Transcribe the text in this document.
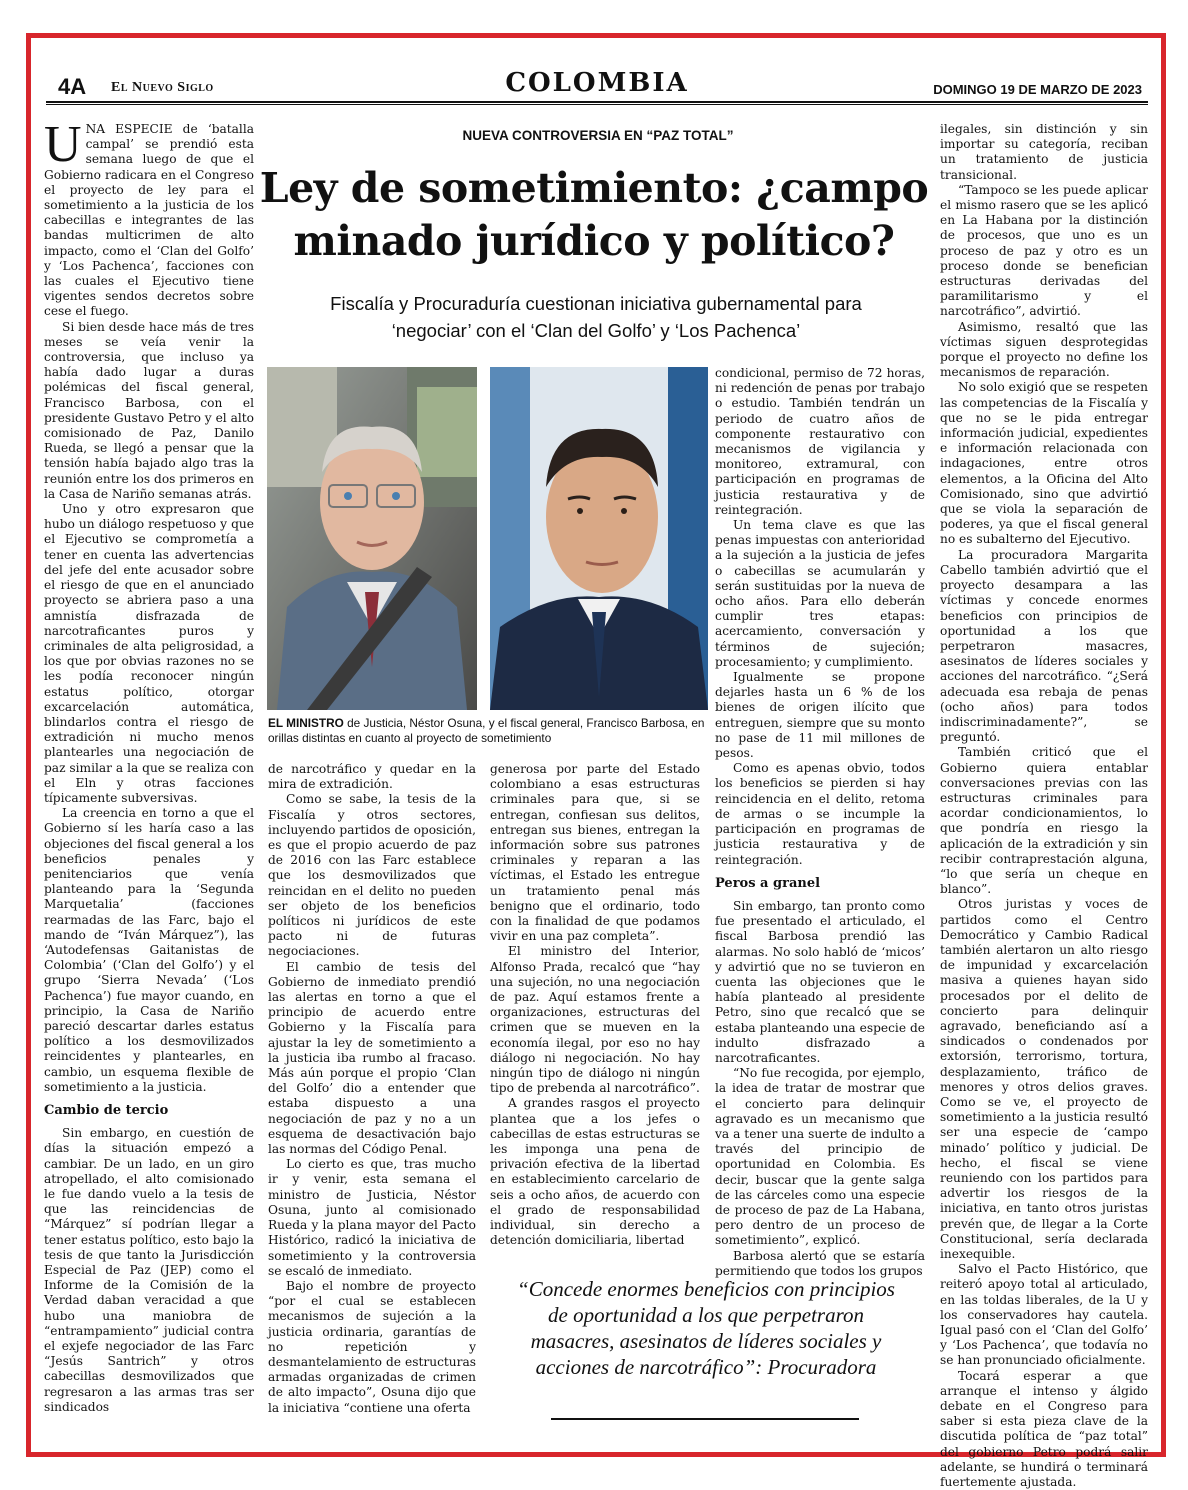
4A El Nuevo Siglo	COLOMBIA	DOMINGO 19 DE MARZO DE 2023

UNA ESPECIE de ‘batalla campal’ se prendió esta semana luego de que el Gobierno radicara en el Congreso el proyecto de ley para el sometimiento a la justicia de los cabecillas e integrantes de las bandas multicrimen de alto impacto, como el ‘Clan del Golfo’ y ‘Los Pachenca’, facciones con las cuales el Ejecutivo tiene vigentes sendos decretos sobre cese el fuego.

Si bien desde hace más de tres meses se veía venir la controversia, que incluso ya había dado lugar a duras polémicas del fiscal general, Francisco Barbosa, con el presidente Gustavo Petro y el alto comisionado de Paz, Danilo Rueda, se llegó a pensar que la tensión había bajado algo tras la reunión entre los dos primeros en la Casa de Nariño semanas atrás.

Uno y otro expresaron que hubo un diálogo respetuoso y que el Ejecutivo se comprometía a tener en cuenta las advertencias del jefe del ente acusador sobre el riesgo de que en el anunciado proyecto se abriera paso a una amnistía disfrazada de narcotraficantes puros y criminales de alta peligrosidad, a los que por obvias razones no se les podía reconocer ningún estatus político, otorgar excarcelación automática, blindarlos contra el riesgo de extradición ni mucho menos plantearles una negociación de paz similar a la que se realiza con el Eln y otras facciones típicamente subversivas.

La creencia en torno a que el Gobierno sí les haría caso a las objeciones del fiscal general a los beneficios penales y penitenciarios que venía planteando para la ‘Segunda Marquetalia’ (facciones rearmadas de las Farc, bajo el mando de “Iván Márquez”), las ‘Autodefensas Gaitanistas de Colombia’ (‘Clan del Golfo’) y el grupo ‘Sierra Nevada’ (‘Los Pachenca’) fue mayor cuando, en principio, la Casa de Nariño pareció descartar darles estatus político a los desmovilizados reincidentes y plantearles, en cambio, un esquema flexible de sometimiento a la justicia.

Cambio de tercio

Sin embargo, en cuestión de días la situación empezó a cambiar. De un lado, en un giro atropellado, el alto comisionado le fue dando vuelo a la tesis de que las reincidencias de “Márquez” sí podrían llegar a tener estatus político, esto bajo la tesis de que tanto la Jurisdicción Especial de Paz (JEP) como el Informe de la Comisión de la Verdad daban veracidad a que hubo una maniobra de “entrampamiento” judicial contra el exjefe negociador de las Farc “Jesús Santrich” y otros cabecillas desmovilizados que regresaron a las armas tras ser sindicados

NUEVA CONTROVERSIA EN “PAZ TOTAL”
Ley de sometimiento: ¿campo
minado jurídico y político?
Fiscalía y Procuraduría cuestionan iniciativa gubernamental para
‘negociar’ con el ‘Clan del Golfo’ y ‘Los Pachenca’
EL MINISTRO de Justicia, Néstor Osuna, y el fiscal general, Francisco Barbosa, en orillas distintas en cuanto al proyecto de sometimiento

de narcotráfico y quedar en la mira de extradición.

Como se sabe, la tesis de la Fiscalía y otros sectores, incluyendo partidos de oposición, es que el propio acuerdo de paz de 2016 con las Farc establece que los desmovilizados que reincidan en el delito no pueden ser objeto de los beneficios políticos ni jurídicos de este pacto ni de futuras negociaciones.

El cambio de tesis del Gobierno de inmediato prendió las alertas en torno a que el principio de acuerdo entre Gobierno y la Fiscalía para ajustar la ley de sometimiento a la justicia iba rumbo al fracaso. Más aún porque el propio ‘Clan del Golfo’ dio a entender que estaba dispuesto a una negociación de paz y no a un esquema de desactivación bajo las normas del Código Penal.

Lo cierto es que, tras mucho ir y venir, esta semana el ministro de Justicia, Néstor Osuna, junto al comisionado Rueda y la plana mayor del Pacto Histórico, radicó la iniciativa de sometimiento y la controversia se escaló de inmediato.

Bajo el nombre de proyecto “por el cual se establecen mecanismos de sujeción a la justicia ordinaria, garantías de no repetición y desmantelamiento de estructuras armadas organizadas de crimen de alto impacto”, Osuna dijo que la iniciativa “contiene una oferta

generosa por parte del Estado colombiano a esas estructuras criminales para que, si se entregan, confiesan sus delitos, entregan sus bienes, entregan la información sobre sus patrones criminales y reparan a las víctimas, el Estado les entregue un tratamiento penal más benigno que el ordinario, todo con la finalidad de que podamos vivir en una paz completa”.

El ministro del Interior, Alfonso Prada, recalcó que “hay una sujeción, no una negociación de paz. Aquí estamos frente a organizaciones, estructuras del crimen que se mueven en la economía ilegal, por eso no hay diálogo ni negociación. No hay ningún tipo de diálogo ni ningún tipo de prebenda al narcotráfico”.

A grandes rasgos el proyecto plantea que a los jefes o cabecillas de estas estructuras se les imponga una pena de privación efectiva de la libertad en establecimiento carcelario de seis a ocho años, de acuerdo con el grado de responsabilidad individual, sin derecho a detención domiciliaria, libertad

condicional, permiso de 72 horas, ni redención de penas por trabajo o estudio. También tendrán un periodo de cuatro años de componente restaurativo con mecanismos de vigilancia y monitoreo, extramural, con participación en programas de justicia restaurativa y de reintegración.

Un tema clave es que las penas impuestas con anterioridad a la sujeción a la justicia de jefes o cabecillas se acumularán y serán sustituidas por la nueva de ocho años. Para ello deberán cumplir tres etapas: acercamiento, conversación y términos de sujeción; procesamiento; y cumplimiento.

Igualmente se propone dejarles hasta un 6 % de los bienes de origen ilícito que entreguen, siempre que su monto no pase de 11 mil millones de pesos.

Como es apenas obvio, todos los beneficios se pierden si hay reincidencia en el delito, retoma de armas o se incumple la participación en programas de justicia restaurativa y de reintegración.

Peros a granel

Sin embargo, tan pronto como fue presentado el articulado, el fiscal Barbosa prendió las alarmas. No solo habló de ‘micos’ y advirtió que no se tuvieron en cuenta las objeciones que le había planteado al presidente Petro, sino que recalcó que se estaba planteando una especie de indulto disfrazado a narcotraficantes.

“No fue recogida, por ejemplo, la idea de tratar de mostrar que el concierto para delinquir agravado es un mecanismo que va a tener una suerte de indulto a través del principio de oportunidad en Colombia. Es decir, buscar que la gente salga de las cárceles como una especie de proceso de paz de La Habana, pero dentro de un proceso de sometimiento”, explicó.

Barbosa alertó que se estaría permitiendo que todos los grupos

ilegales, sin distinción y sin importar su categoría, reciban un tratamiento de justicia transicional.

“Tampoco se les puede aplicar el mismo rasero que se les aplicó en La Habana por la distinción de procesos, que uno es un proceso de paz y otro es un proceso donde se benefician estructuras derivadas del paramilitarismo y el narcotráfico”, advirtió.

Asimismo, resaltó que las víctimas siguen desprotegidas porque el proyecto no define los mecanismos de reparación.

No solo exigió que se respeten las competencias de la Fiscalía y que no se le pida entregar información judicial, expedientes e información relacionada con indagaciones, entre otros elementos, a la Oficina del Alto Comisionado, sino que advirtió que se viola la separación de poderes, ya que el fiscal general no es subalterno del Ejecutivo.

La procuradora Margarita Cabello también advirtió que el proyecto desampara a las víctimas y concede enormes beneficios con principios de oportunidad a los que perpetraron masacres, asesinatos de líderes sociales y acciones del narcotráfico. “¿Será adecuada esa rebaja de penas (ocho años) para todos indiscriminadamente?”, se preguntó.

También criticó que el Gobierno quiera entablar conversaciones previas con las estructuras criminales para acordar condicionamientos, lo que pondría en riesgo la aplicación de la extradición y sin recibir contraprestación alguna, “lo que sería un cheque en blanco”.

Otros juristas y voces de partidos como el Centro Democrático y Cambio Radical también alertaron un alto riesgo de impunidad y excarcelación masiva a quienes hayan sido procesados por el delito de concierto para delinquir agravado, beneficiando así a sindicados o condenados por extorsión, terrorismo, tortura, desplazamiento, tráfico de menores y otros delios graves. Como se ve, el proyecto de sometimiento a la justicia resultó ser una especie de ‘campo minado’ político y judicial. De hecho, el fiscal se viene reuniendo con los partidos para advertir los riesgos de la iniciativa, en tanto otros juristas prevén que, de llegar a la Corte Constitucional, sería declarada inexequible.

Salvo el Pacto Histórico, que reiteró apoyo total al articulado, en las toldas liberales, de la U y los conservadores hay cautela. Igual pasó con el ‘Clan del Golfo’ y ‘Los Pachenca’, que todavía no se han pronunciado oficialmente.

Tocará esperar a que arranque el intenso y álgido debate en el Congreso para saber si esta pieza clave de la discutida política de “paz total” del gobierno Petro podrá salir adelante, se hundirá o terminará fuertemente ajustada.

“Concede enormes beneficios con principios de oportunidad a los que perpetraron masacres, asesinatos de líderes sociales y acciones de narcotráfico”: Procuradora
